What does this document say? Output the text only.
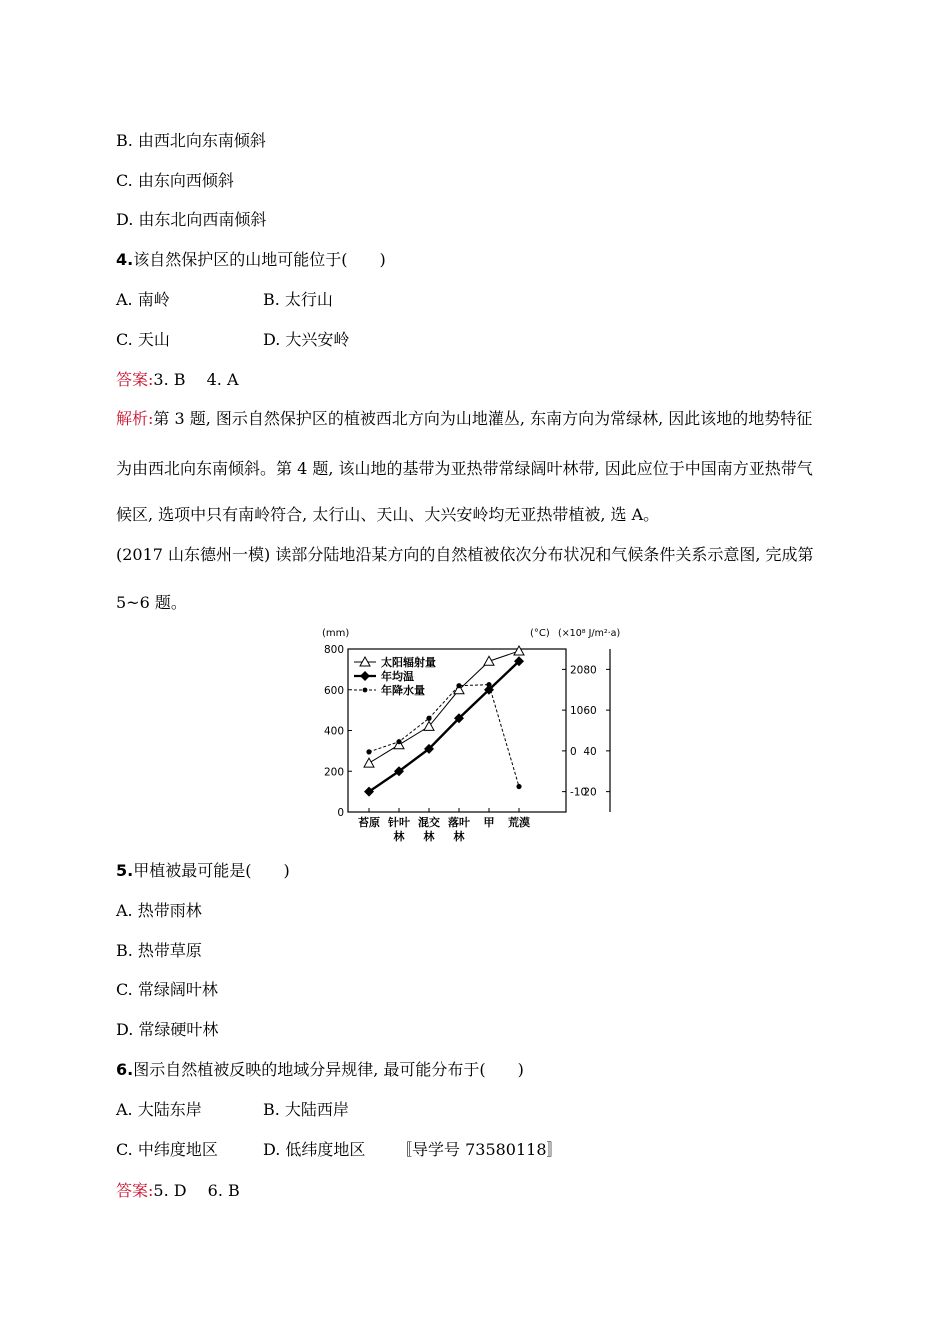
B. 由西北向东南倾斜
C. 由东向西倾斜
D. 由东北向西南倾斜
4.该自然保护区的山地可能位于(　　)
A. 南岭	B. 太行山
C. 天山	D. 大兴安岭
答案:3. B　 4. A
解析:第 3 题, 图示自然保护区的植被西北方向为山地灌丛, 东南方向为常绿林, 因此该地的地势特征
为由西北向东南倾斜。第 4 题, 该山地的基带为亚热带常绿阔叶林带, 因此应位于中国南方亚热带气
候区, 选项中只有南岭符合, 太行山、天山、大兴安岭均无亚热带植被, 选 A。
(2017 山东德州一模) 读部分陆地沿某方向的自然植被依次分布状况和气候条件关系示意图, 完成第
5~6 题。
(mm)	(°C) (×10⁸ J/m²·a)
0
200
400
600
800
-10
0
10
20
20
40
60
80
苔原 针叶
林
混交
林
落叶
林
甲 荒漠
太阳辐射量
年均温
年降水量
5.甲植被最可能是(　　)
A. 热带雨林
B. 热带草原
C. 常绿阔叶林
D. 常绿硬叶林
6.图示自然植被反映的地域分异规律, 最可能分布于(　　)
A. 大陆东岸	B. 大陆西岸
C. 中纬度地区	D. 低纬度地区 〚导学号 73580118〛
答案:5. D　 6. B
